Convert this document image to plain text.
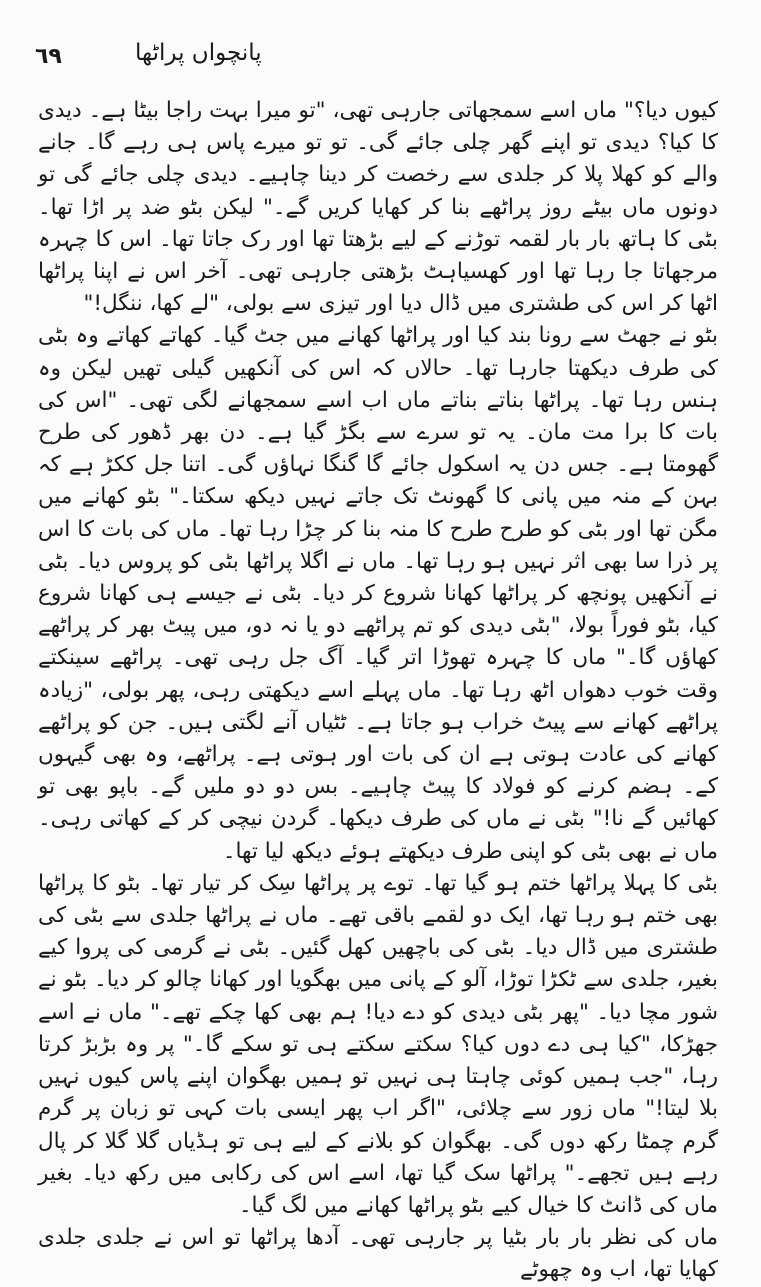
٦٩	پانچواں پراٹھا

کیوں دیا؟" ماں اسے سمجھاتی جارہی تھی، "تو میرا بہت راجا بیٹا ہے۔ دیدی کا کیا؟ دیدی تو اپنے گھر چلی جائے گی۔ تو تو میرے پاس ہی رہے گا۔ جانے والے کو کھلا پلا کر جلدی سے رخصت کر دینا چاہیے۔ دیدی چلی جائے گی تو دونوں ماں بیٹے روز پراٹھے بنا کر کھایا کریں گے۔" لیکن بٹو ضد پر اڑا تھا۔ بٹی کا ہاتھ بار بار لقمہ توڑنے کے لیے بڑھتا تھا اور رک جاتا تھا۔ اس کا چہرہ مرجھاتا جا رہا تھا اور کھسیاہٹ بڑھتی جارہی تھی۔ آخر اس نے اپنا پراٹھا اٹھا کر اس کی طشتری میں ڈال دیا اور تیزی سے بولی، "لے کھا، ننگل!"

بٹو نے جھٹ سے رونا بند کیا اور پراٹھا کھانے میں جٹ گیا۔ کھاتے کھاتے وہ بٹی کی طرف دیکھتا جارہا تھا۔ حالاں کہ اس کی آنکھیں گیلی تھیں لیکن وہ ہنس رہا تھا۔ پراٹھا بناتے بناتے ماں اب اسے سمجھانے لگی تھی۔ "اس کی بات کا برا مت مان۔ یہ تو سرے سے بگڑ گیا ہے۔ دن بھر ڈھور کی طرح گھومتا ہے۔ جس دن یہ اسکول جائے گا گنگا نہاؤں گی۔ اتنا جل ککڑ ہے کہ بہن کے منہ میں پانی کا گھونٹ تک جاتے نہیں دیکھ سکتا۔" بٹو کھانے میں مگن تھا اور بٹی کو طرح طرح کا منہ بنا کر چڑا رہا تھا۔ ماں کی بات کا اس پر ذرا سا بھی اثر نہیں ہو رہا تھا۔ ماں نے اگلا پراٹھا بٹی کو پروس دیا۔ بٹی نے آنکھیں پونچھ کر پراٹھا کھانا شروع کر دیا۔ بٹی نے جیسے ہی کھانا شروع کیا، بٹو فوراً بولا، "بٹی دیدی کو تم پراٹھے دو یا نہ دو، میں پیٹ بھر کر پراٹھے کھاؤں گا۔" ماں کا چہرہ تھوڑا اتر گیا۔ آگ جل رہی تھی۔ پراٹھے سینکتے وقت خوب دھواں اٹھ رہا تھا۔ ماں پہلے اسے دیکھتی رہی، پھر بولی، "زیادہ پراٹھے کھانے سے پیٹ خراب ہو جاتا ہے۔ ٹٹیاں آنے لگتی ہیں۔ جن کو پراٹھے کھانے کی عادت ہوتی ہے ان کی بات اور ہوتی ہے۔ پراٹھے، وہ بھی گیہوں کے۔ ہضم کرنے کو فولاد کا پیٹ چاہیے۔ بس دو دو ملیں گے۔ باپو بھی تو کھائیں گے نا!" بٹی نے ماں کی طرف دیکھا۔ گردن نیچی کر کے کھاتی رہی۔ ماں نے بھی بٹی کو اپنی طرف دیکھتے ہوئے دیکھ لیا تھا۔

بٹی کا پہلا پراٹھا ختم ہو گیا تھا۔ توے پر پراٹھا سِک کر تیار تھا۔ بٹو کا پراٹھا بھی ختم ہو رہا تھا، ایک دو لقمے باقی تھے۔ ماں نے پراٹھا جلدی سے بٹی کی طشتری میں ڈال دیا۔ بٹی کی باچھیں کھل گئیں۔ بٹی نے گرمی کی پروا کیے بغیر، جلدی سے ٹکڑا توڑا، آلو کے پانی میں بھگویا اور کھانا چالو کر دیا۔ بٹو نے شور مچا دیا۔ "پھر بٹی دیدی کو دے دیا! ہم بھی کھا چکے تھے۔" ماں نے اسے جھڑکا، "کیا ہی دے دوں کیا؟ سکتے سکتے ہی تو سکے گا۔" پر وہ بڑبڑ کرتا رہا، "جب ہمیں کوئی چاہتا ہی نہیں تو ہمیں بھگوان اپنے پاس کیوں نہیں بلا لیتا!" ماں زور سے چلائی، "اگر اب پھر ایسی بات کہی تو زبان پر گرم گرم چمٹا رکھ دوں گی۔ بھگوان کو بلانے کے لیے ہی تو ہڈیاں گلا گلا کر پال رہے ہیں تجھے۔" پراٹھا سک گیا تھا، اسے اس کی رکابی میں رکھ دیا۔ بغیر ماں کی ڈانٹ کا خیال کیے بٹو پراٹھا کھانے میں لگ گیا۔

ماں کی نظر بار بار بٹیا پر جارہی تھی۔ آدھا پراٹھا تو اس نے جلدی جلدی کھایا تھا، اب وہ چھوٹے
